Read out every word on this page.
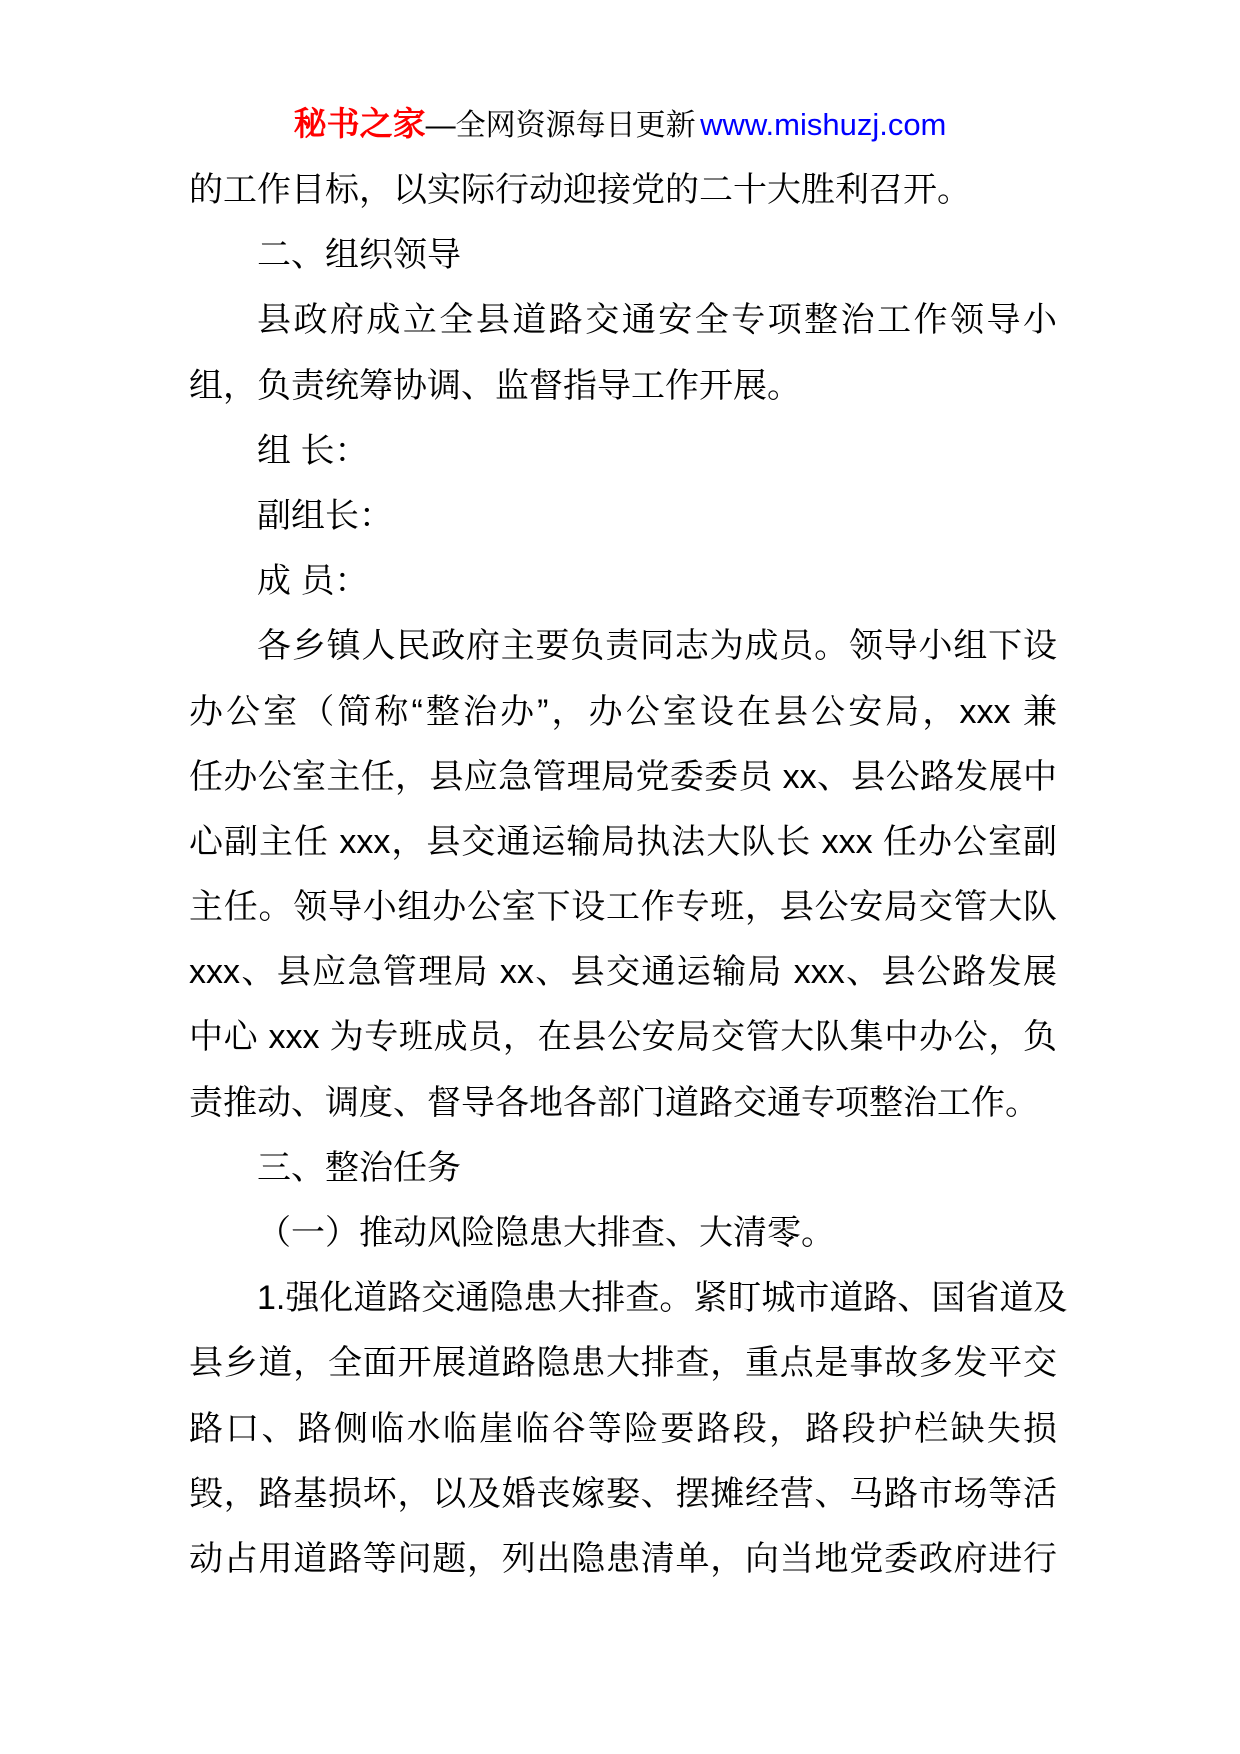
秘书之家—全网资源每日更新 www.mishuzj.com
的工作目标，以实际行动迎接党的二十大胜利召开。
二、组织领导
县政府成立全县道路交通安全专项整治工作领导小
组，负责统筹协调、监督指导工作开展。
组 长：
副组长：
成 员：
各乡镇人民政府主要负责同志为成员。领导小组下设
办公室（简称“整治办”，办公室设在县公安局，xxx 兼
任办公室主任，县应急管理局党委委员 xx、县公路发展中
心副主任 xxx，县交通运输局执法大队长 xxx 任办公室副
主任。领导小组办公室下设工作专班，县公安局交管大队
xxx、县应急管理局 xx、县交通运输局 xxx、县公路发展
中心 xxx 为专班成员，在县公安局交管大队集中办公，负
责推动、调度、督导各地各部门道路交通专项整治工作。
三、整治任务
（一）推动风险隐患大排查、大清零。
1.强化道路交通隐患大排查。紧盯城市道路、国省道及
县乡道，全面开展道路隐患大排查，重点是事故多发平交
路口、路侧临水临崖临谷等险要路段，路段护栏缺失损
毁，路基损坏，以及婚丧嫁娶、摆摊经营、马路市场等活
动占用道路等问题，列出隐患清单，向当地党委政府进行
